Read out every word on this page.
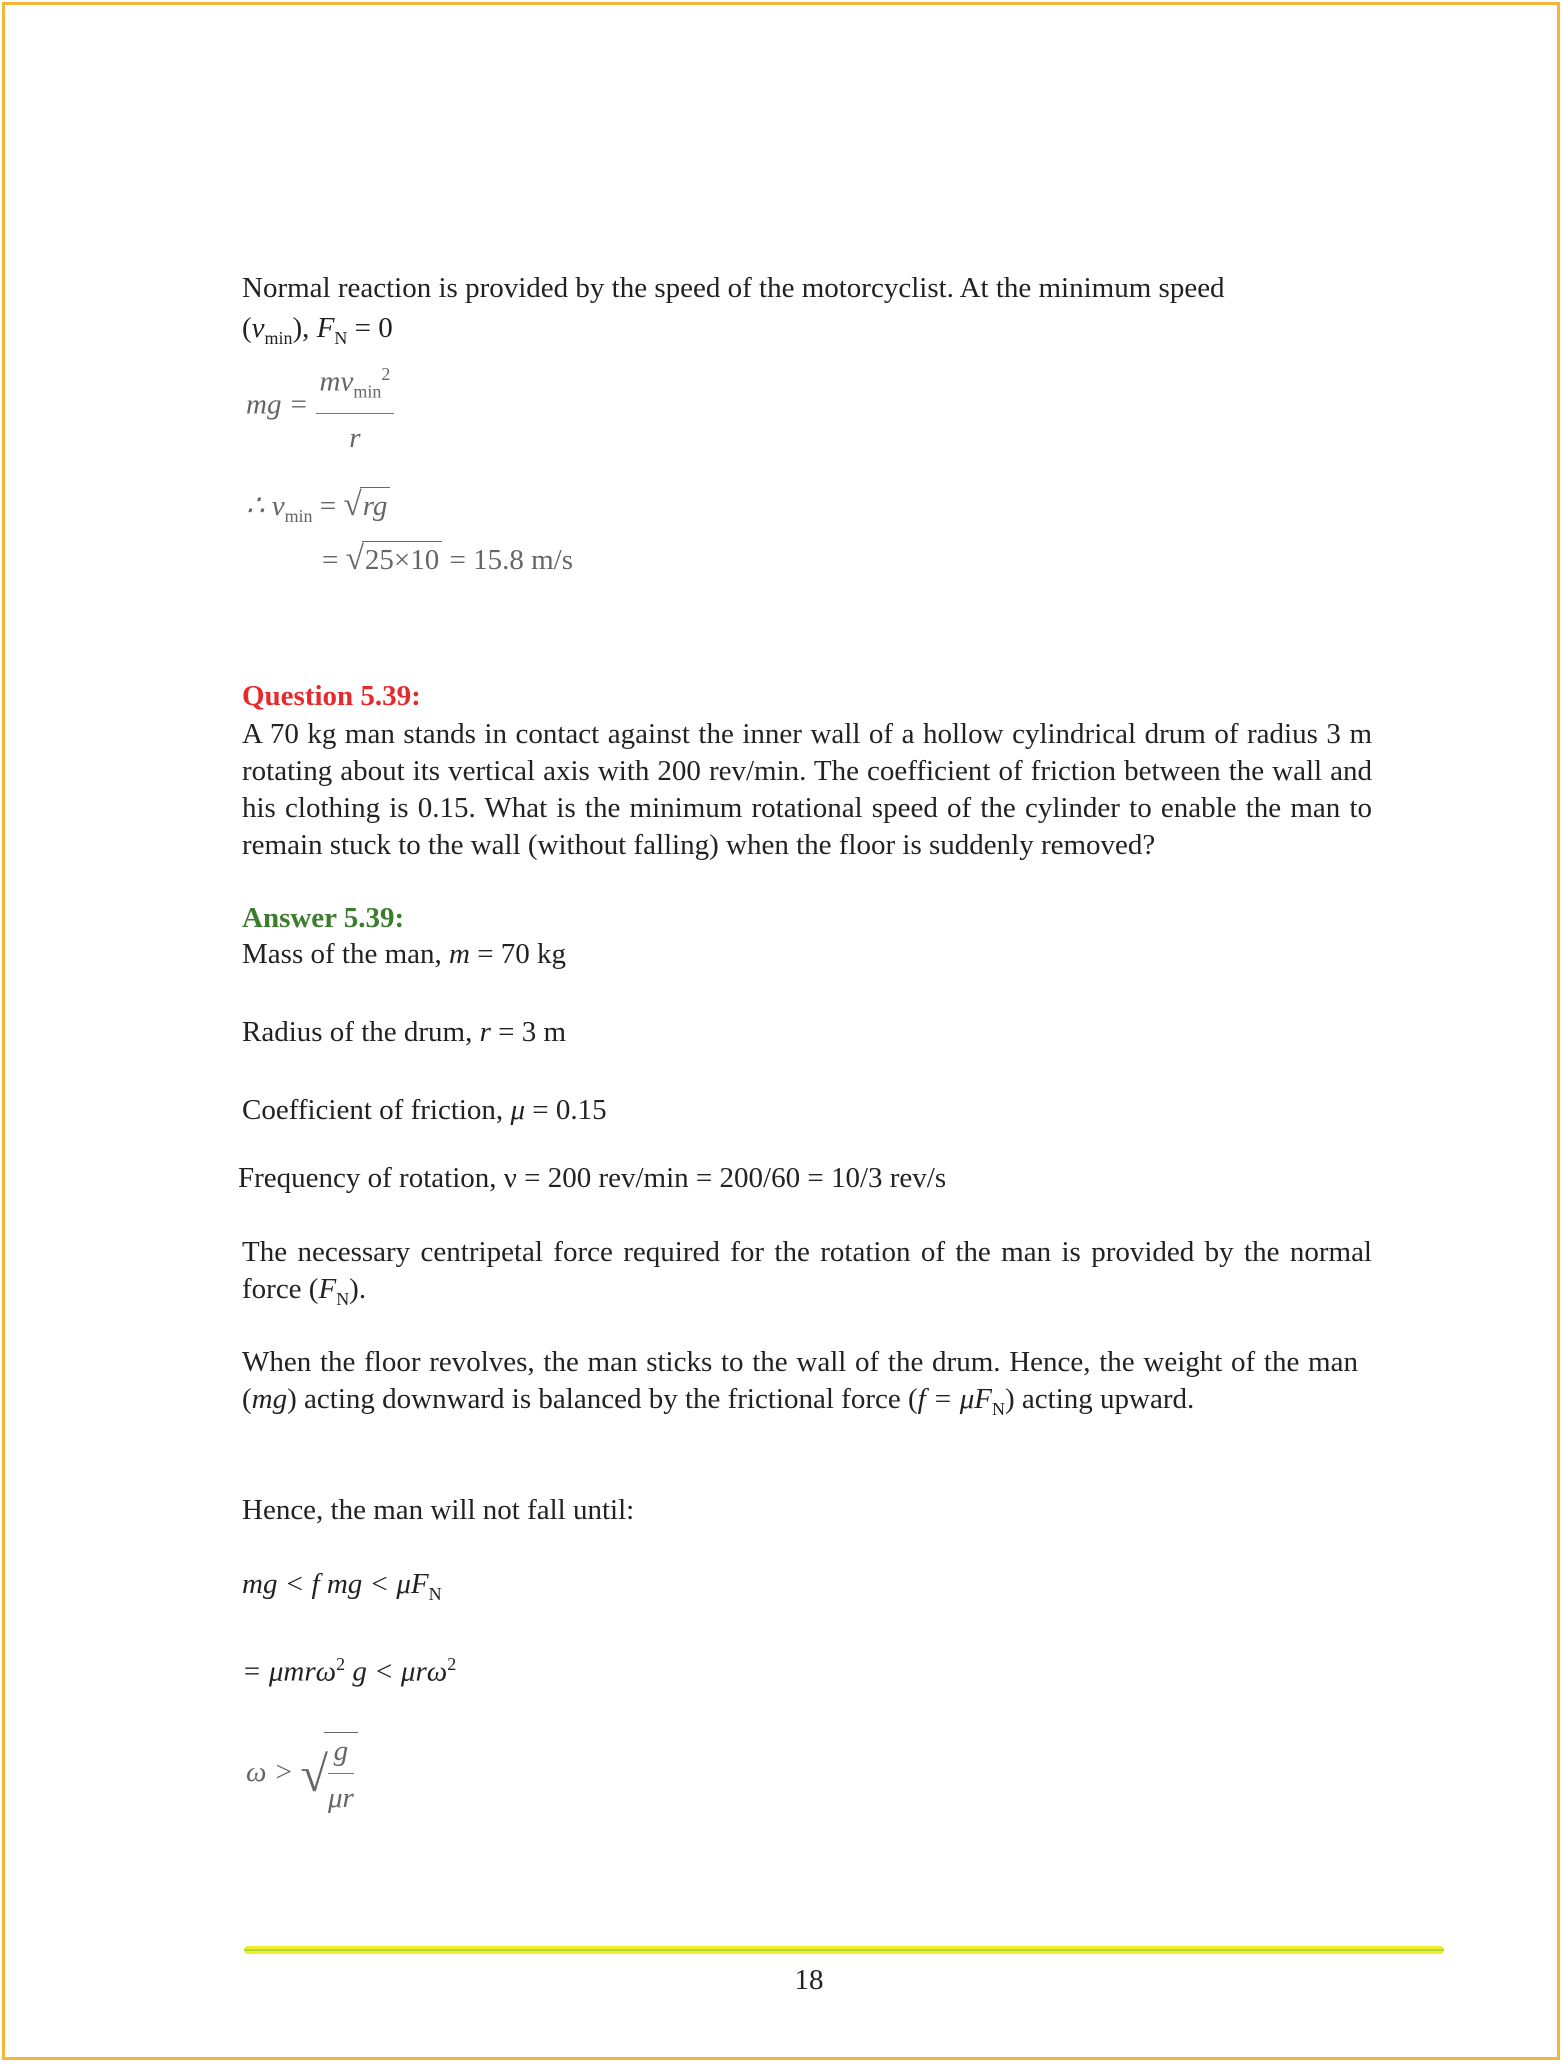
Normal reaction is provided by the speed of the motorcyclist. At the minimum speed
$(v_{min})$, $F_N = 0$
mg = $\frac{mv_{min}^2}{r}$
∴ $v_{min} = √rg$
= √25×10 = 15.8 m/s
Question 5.39:
A 70 kg man stands in contact against the inner wall of a hollow cylindrical drum of radius 3 m rotating about its vertical axis with 200 rev/min. The coefficient of friction between the wall and his clothing is 0.15. What is the minimum rotational speed of the cylinder to enable the man to remain stuck to the wall (without falling) when the floor is suddenly removed?
Answer 5.39:
Mass of the man, m = 70 kg
Radius of the drum, r = 3 m
Coefficient of friction, μ = 0.15
Frequency of rotation, ν = 200 rev/min = 200/60 = 10/3 rev/s
The necessary centripetal force required for the rotation of the man is provided by the normal force $(F_N)$.
When the floor revolves, the man sticks to the wall of the drum. Hence, the weight of the man (mg) acting downward is balanced by the frictional force $(f = \mu F_N)$ acting upward.
Hence, the man will not fall until:
mg < f mg < $\mu F_N$
= μmrω$^2$ g < μrω$^2$
ω > √
$\frac{g}{\mu r}$
18
